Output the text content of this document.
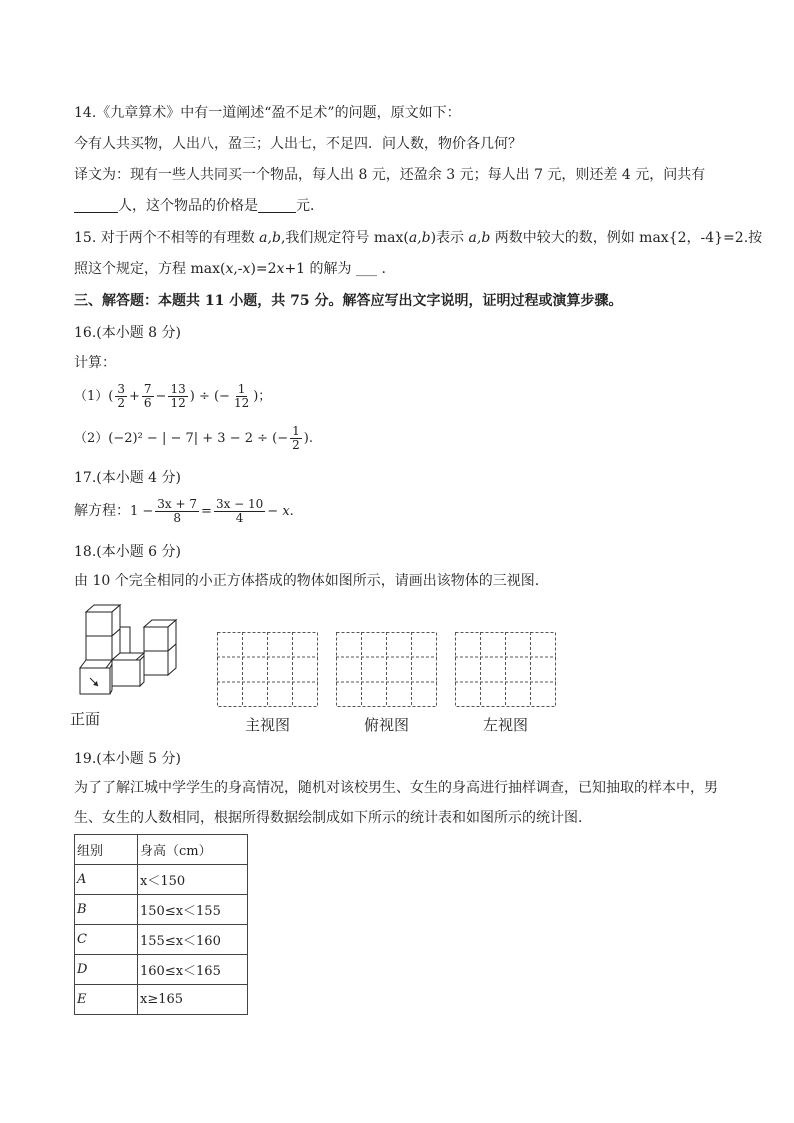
14.《九章算术》中有一道阐述“盈不足术”的问题，原文如下：
今有人共买物，人出八，盈三；人出七，不足四．问人数，物价各几何？
译文为：现有一些人共同买一个物品，每人出 8 元，还盈余 3 元；每人出 7 元，则还差 4 元，问共有
人，这个物品的价格是	元．
15. 对于两个不相等的有理数 a,b,我们规定符号 max(a,b)表示 a,b 两数中较大的数，例如 max{2，-4}=2.按
照这个规定，方程 max(x,-x)=2x+1 的解为 ___ .
三、解答题：本题共 11 小题，共 75 分。解答应写出文字说明，证明过程或演算步骤。
16.(本小题 8 分)
计算：
$(1)( \frac{3}{2} + \frac{7}{6} - \frac{13}{12}$ ) ÷ (− $\frac{1}{12}$ )；
（2）(−2)² − | − 7| + 3 − 2 ÷ (− $\frac{1}{2}$ ).
17.(本小题 4 分)
解方程：$1 - \frac{3x + 7}{8} = \frac{3x - 10}{4} - x$.
18.(本小题 6 分)
由 10 个完全相同的小正方体搭成的物体如图所示，请画出该物体的三视图.
正面	主视图	俯视图	左视图
19.(本小题 5 分)
为了了解江城中学学生的身高情况，随机对该校男生、女生的身高进行抽样调查，已知抽取的样本中，男
生、女生的人数相同，根据所得数据绘制成如下所示的统计表和如图所示的统计图.
组别	身高（cm）
A	x＜150
B	150≤x＜155
C	155≤x＜160
D	160≤x＜165
E	x≥165
